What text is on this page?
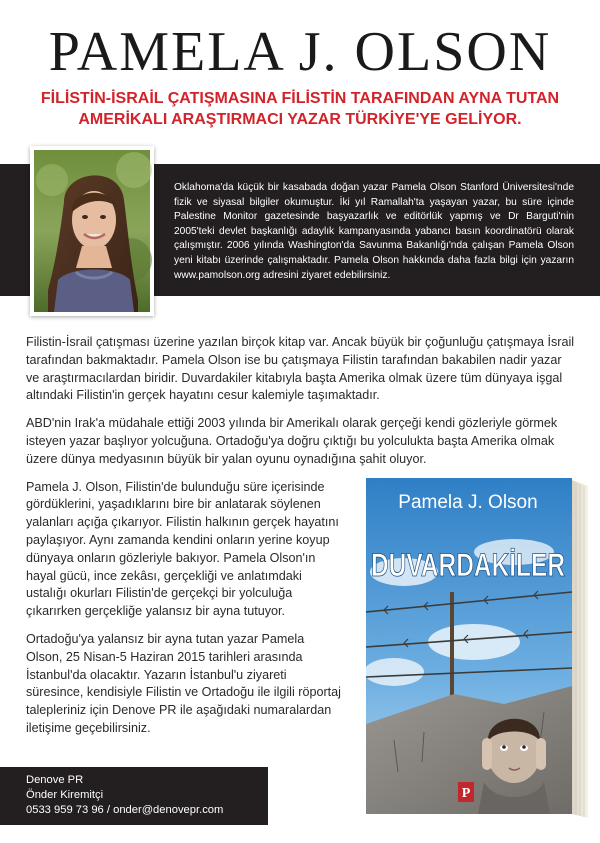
PAMELA J. OLSON
FİLİSTİN-İSRAİL ÇATIŞMASINA FİLİSTİN TARAFINDAN AYNA TUTAN
AMERİKALI ARAŞTIRMACI YAZAR TÜRKİYE'YE GELİYOR.
Oklahoma'da küçük bir kasabada doğan yazar Pamela Olson Stanford Üniversitesi'nde fizik ve siyasal bilgiler okumuştur. İki yıl Ramallah'ta yaşayan yazar, bu süre içinde Palestine Monitor gazetesinde başyazarlık ve editörlük yapmış ve Dr Barguti'nin 2005'teki devlet başkanlığı adaylık kampanyasında yabancı basın koordinatörü olarak çalışmıştır. 2006 yılında Washington'da Savunma Bakanlığı'nda çalışan Pamela Olson yeni kitabı üzerinde çalışmaktadır. Pamela Olson hakkında daha fazla bilgi için yazarın www.pamolson.org adresini ziyaret edebilirsiniz.

Filistin-İsrail çatışması üzerine yazılan birçok kitap var. Ancak büyük bir çoğunluğu çatışmaya İsrail tarafından bakmaktadır. Pamela Olson ise bu çatışmaya Filistin tarafından bakabilen nadir yazar ve araştırmacılardan biridir. Duvardakiler kitabıyla başta Amerika olmak üzere tüm dünyaya işgal altındaki Filistin'in gerçek hayatını cesur kalemiyle taşımaktadır.

ABD'nin Irak'a müdahale ettiği 2003 yılında bir Amerikalı olarak gerçeği kendi gözleriyle görmek isteyen yazar başlıyor yolcuğuna. Ortadoğu'ya doğru çıktığı bu yolculukta başta Amerika olmak üzere dünya medyasının büyük bir yalan oyunu oynadığına şahit oluyor.

Pamela J. Olson, Filistin'de bulunduğu süre içerisinde gördüklerini, yaşadıklarını bire bir anlatarak söylenen yalanları açığa çıkarıyor. Filistin halkının gerçek hayatını paylaşıyor. Aynı zamanda kendini onların yerine koyup dünyaya onların gözleriyle bakıyor. Pamela Olson'ın hayal gücü, ince zekâsı, gerçekliği ve anlatımdaki ustalığı okurları Filistin'de gerçekçi bir yolculuğa çıkarırken gerçekliğe yalansız bir ayna tutuyor.

Ortadoğu'ya yalansız bir ayna tutan yazar Pamela Olson, 25 Nisan-5 Haziran 2015 tarihleri arasında İstanbul'da olacaktır. Yazarın İstanbul'u ziyareti süresince, kendisiyle Filistin ve Ortadoğu ile ilgili röportaj talepleriniz için Denove PR ile aşağıdaki numaralardan iletişime geçebilirsiniz.

Pamela J. Olson
DUVARDAKİLER
P
Denove PR
Önder Kiremitçi
0533 959 73 96 / onder@denovepr.com
